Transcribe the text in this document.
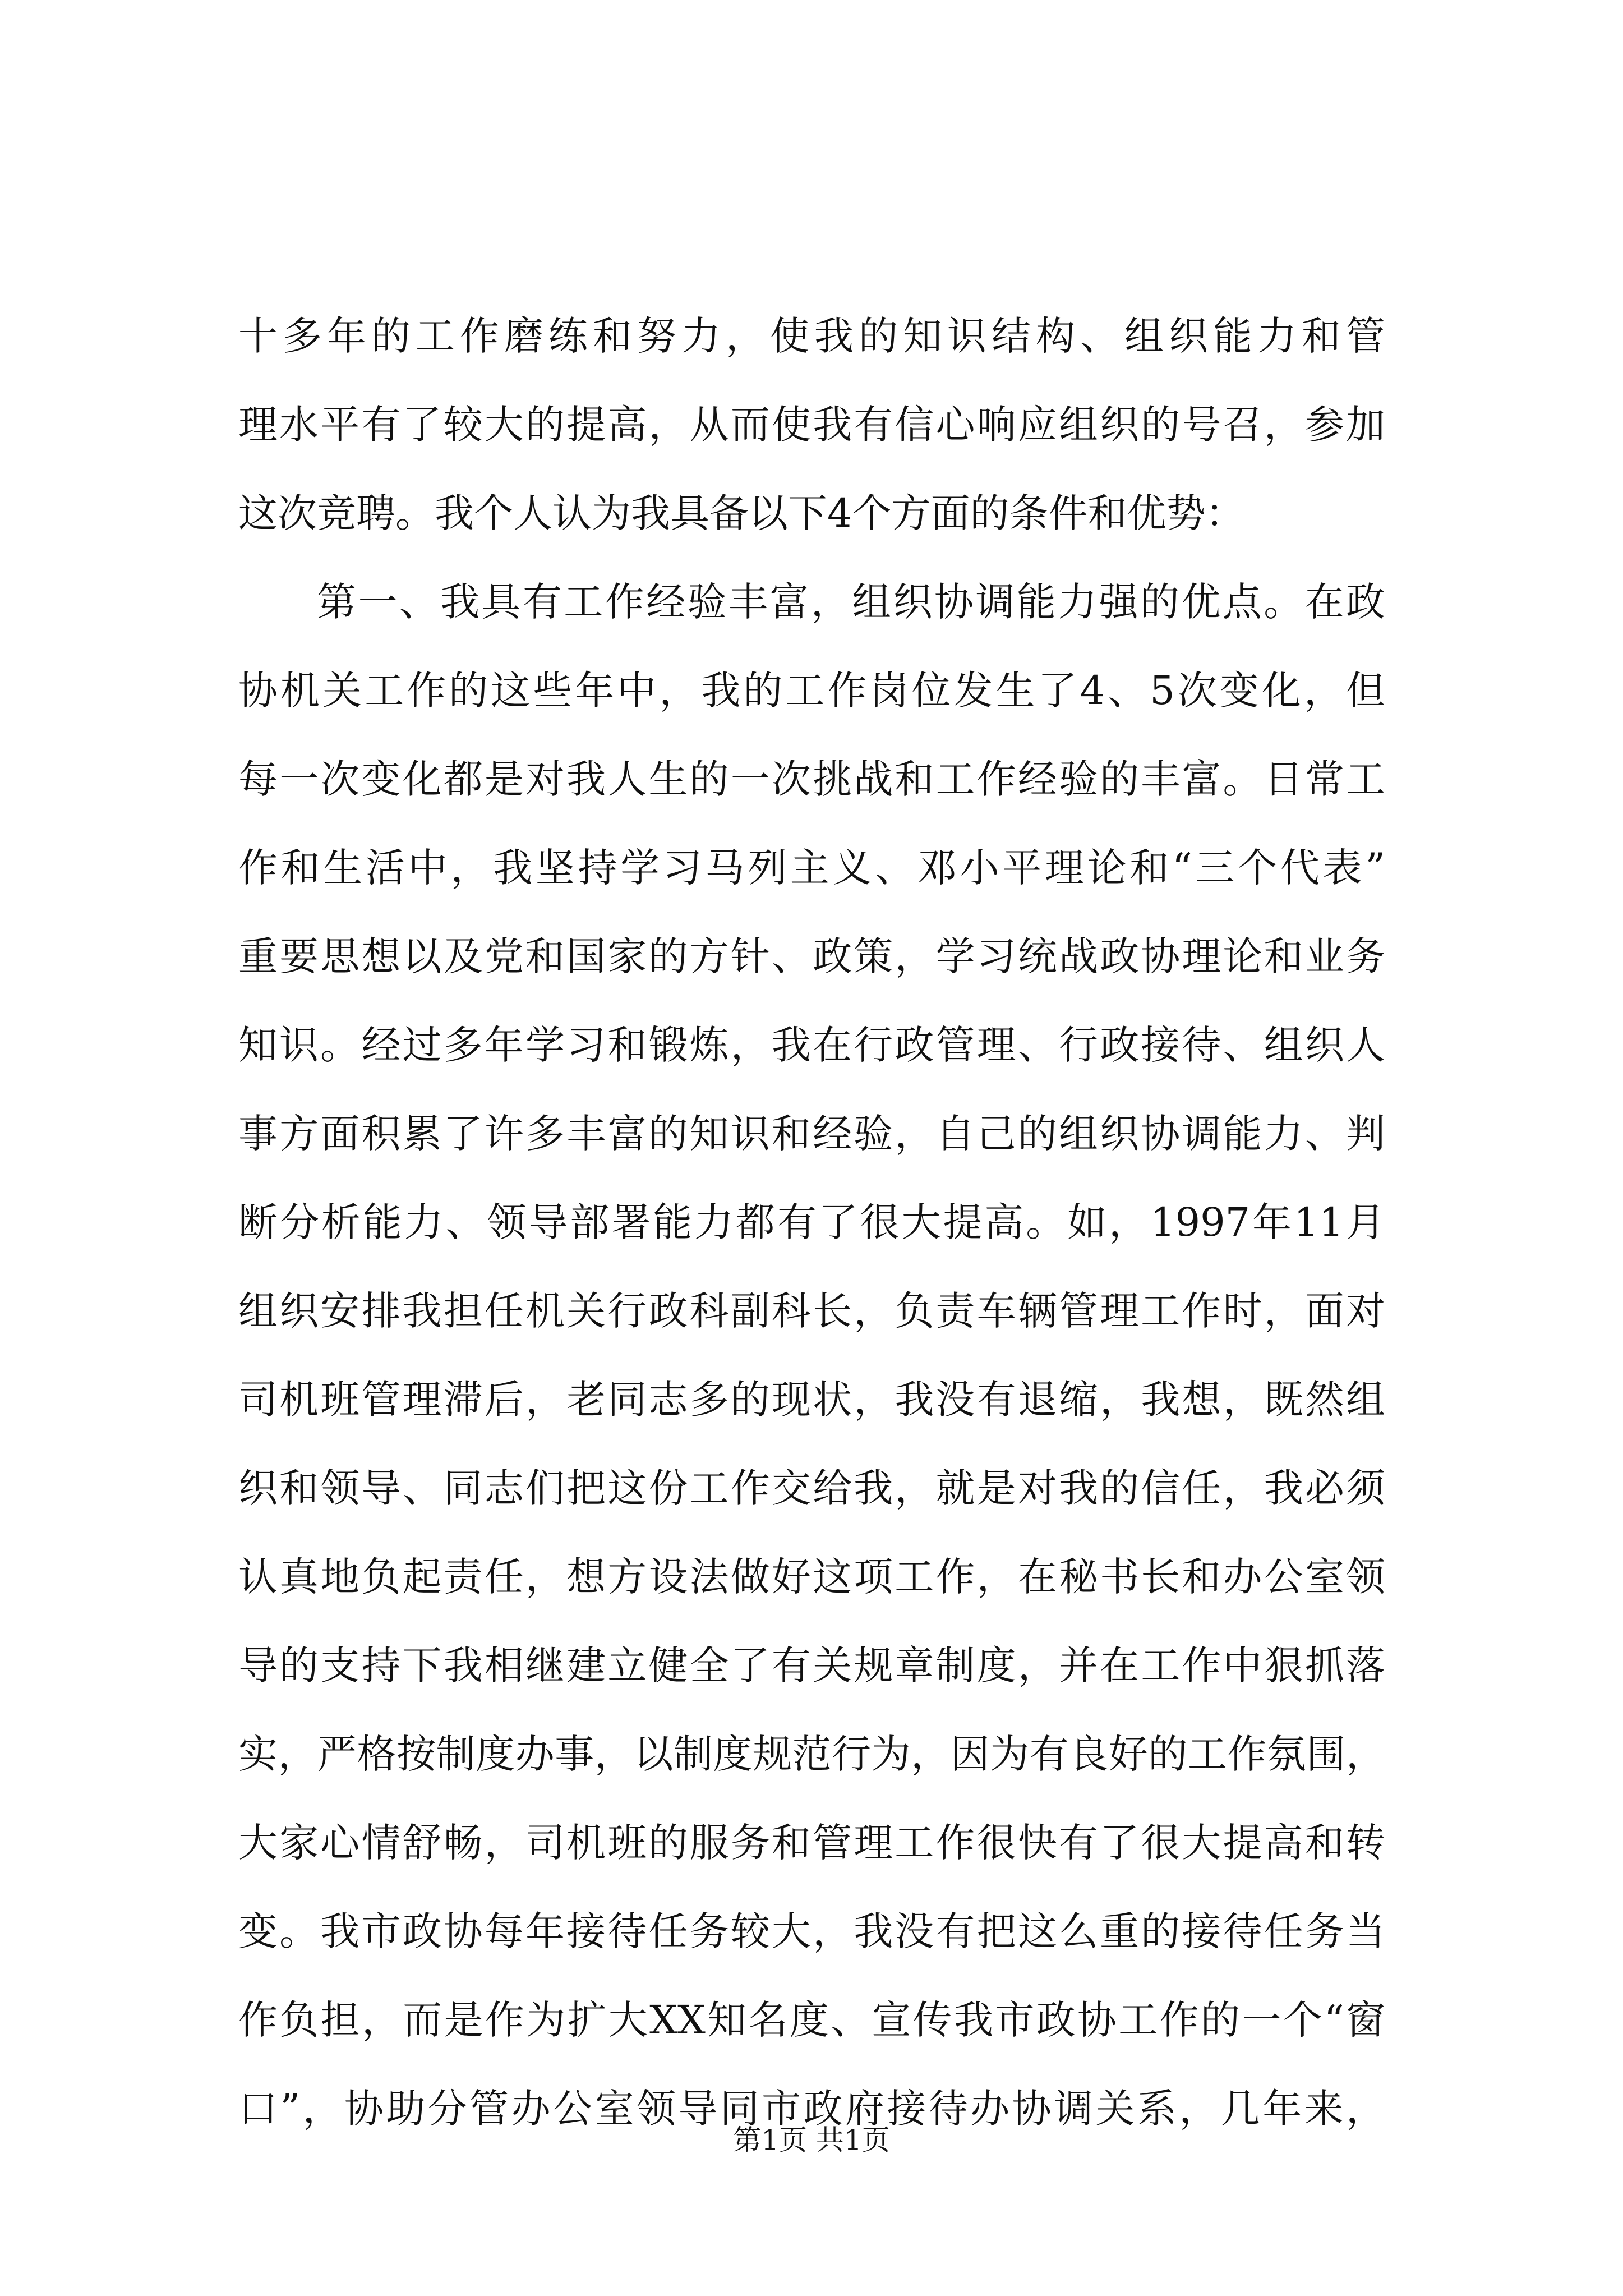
十多年的工作磨练和努力，使我的知识结构、组织能力和管
理水平有了较大的提高，从而使我有信心响应组织的号召，参加
这次竞聘。我个人认为我具备以下4个方面的条件和优势：
第一、我具有工作经验丰富，组织协调能力强的优点。在政
协机关工作的这些年中，我的工作岗位发生了4、5次变化，但
每一次变化都是对我人生的一次挑战和工作经验的丰富。日常工
作和生活中，我坚持学习马列主义、邓小平理论和“三个代表”
重要思想以及党和国家的方针、政策，学习统战政协理论和业务
知识。经过多年学习和锻炼，我在行政管理、行政接待、组织人
事方面积累了许多丰富的知识和经验，自己的组织协调能力、判
断分析能力、领导部署能力都有了很大提高。如，1997年11月
组织安排我担任机关行政科副科长，负责车辆管理工作时，面对
司机班管理滞后，老同志多的现状，我没有退缩，我想，既然组
织和领导、同志们把这份工作交给我，就是对我的信任，我必须
认真地负起责任，想方设法做好这项工作，在秘书长和办公室领
导的支持下我相继建立健全了有关规章制度，并在工作中狠抓落
实，严格按制度办事，以制度规范行为，因为有良好的工作氛围，
大家心情舒畅，司机班的服务和管理工作很快有了很大提高和转
变。我市政协每年接待任务较大，我没有把这么重的接待任务当
作负担，而是作为扩大XX知名度、宣传我市政协工作的一个“窗
口”，协助分管办公室领导同市政府接待办协调关系，几年来，
第1页 共1页
